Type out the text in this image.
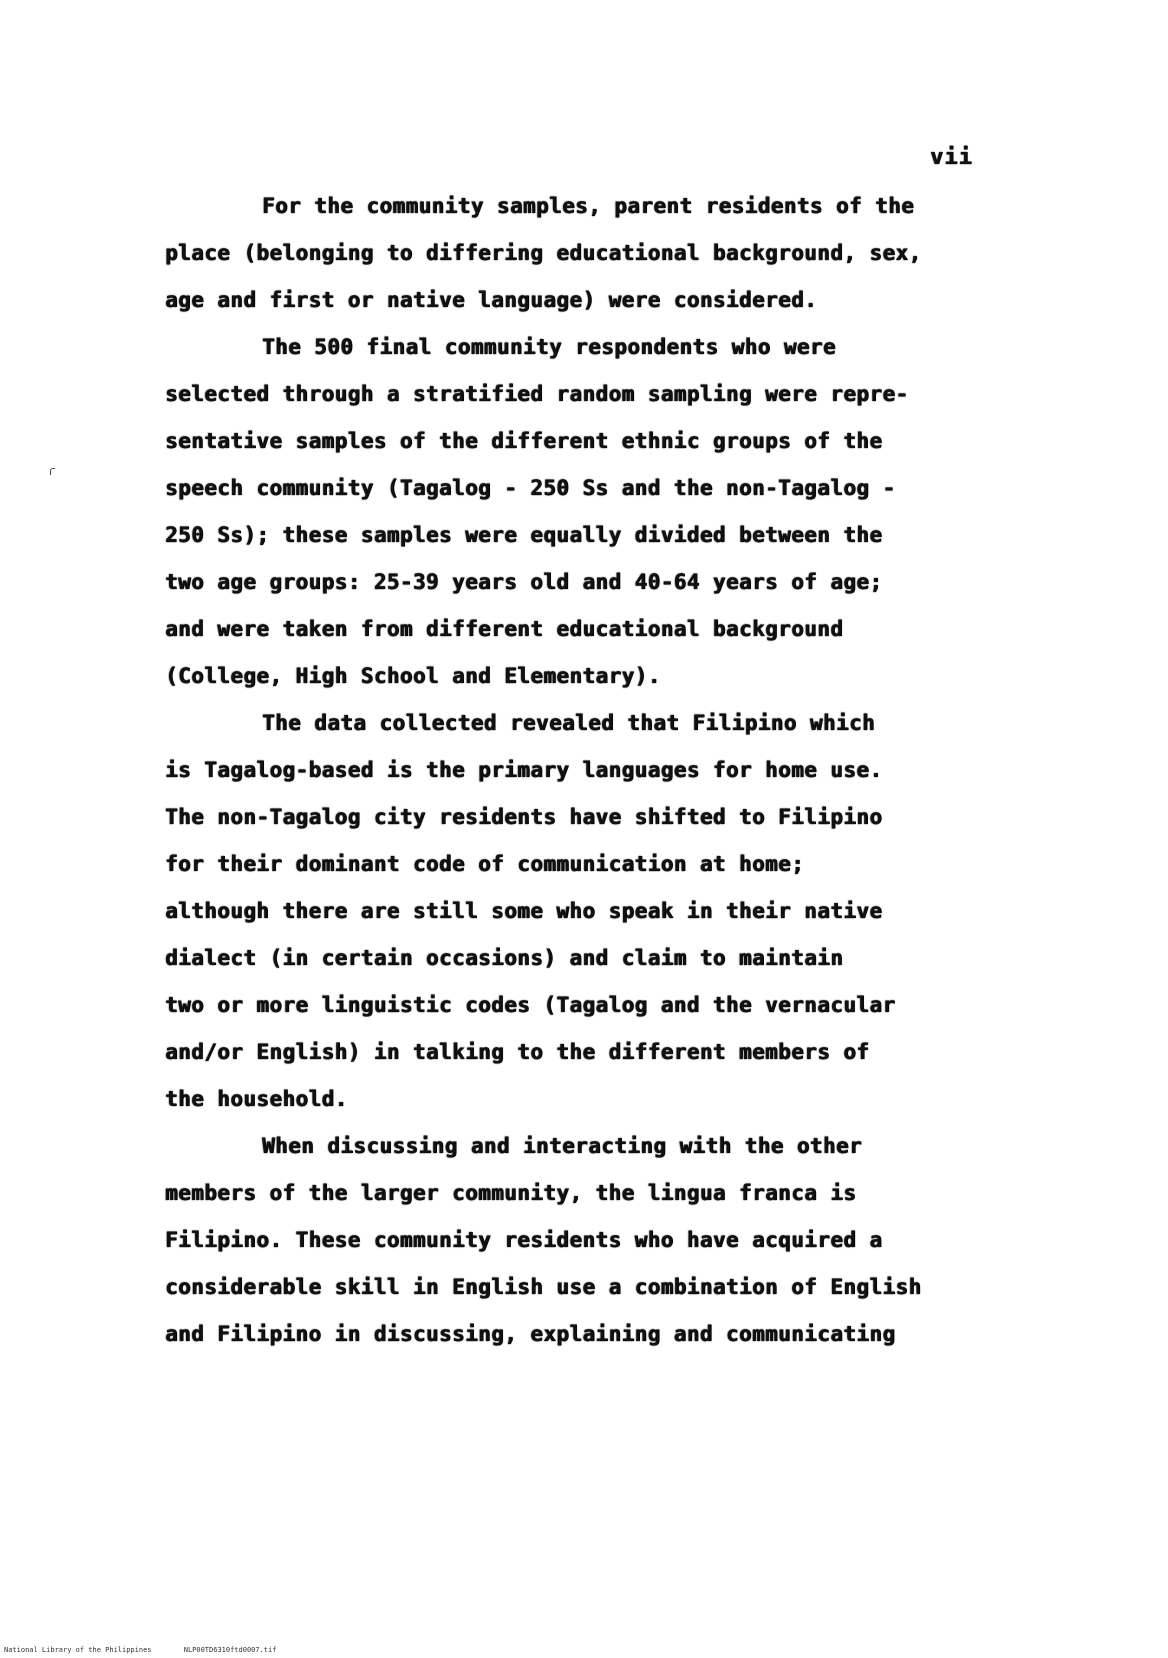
vii
For the community samples, parent residents of the
place (belonging to differing educational background, sex,
age and first or native language) were considered.
The 500 final community respondents who were
selected through a stratified random sampling were repre-
sentative samples of the different ethnic groups of the
speech community (Tagalog - 250 Ss and the non-Tagalog -
250 Ss); these samples were equally divided between the
two age groups: 25-39 years old and 40-64 years of age;
and were taken from different educational background
(College, High School and Elementary).
The data collected revealed that Filipino which
is Tagalog-based is the primary languages for home use.
The non-Tagalog city residents have shifted to Filipino
for their dominant code of communication at home;
although there are still some who speak in their native
dialect (in certain occasions) and claim to maintain
two or more linguistic codes (Tagalog and the vernacular
and/or English) in talking to the different members of
the household.
When discussing and interacting with the other
members of the larger community, the lingua franca is
Filipino. These community residents who have acquired a
considerable skill in English use a combination of English
and Filipino in discussing, explaining and communicating
National Library of the Philippines	NLP00TD6310ftd0007.tif
